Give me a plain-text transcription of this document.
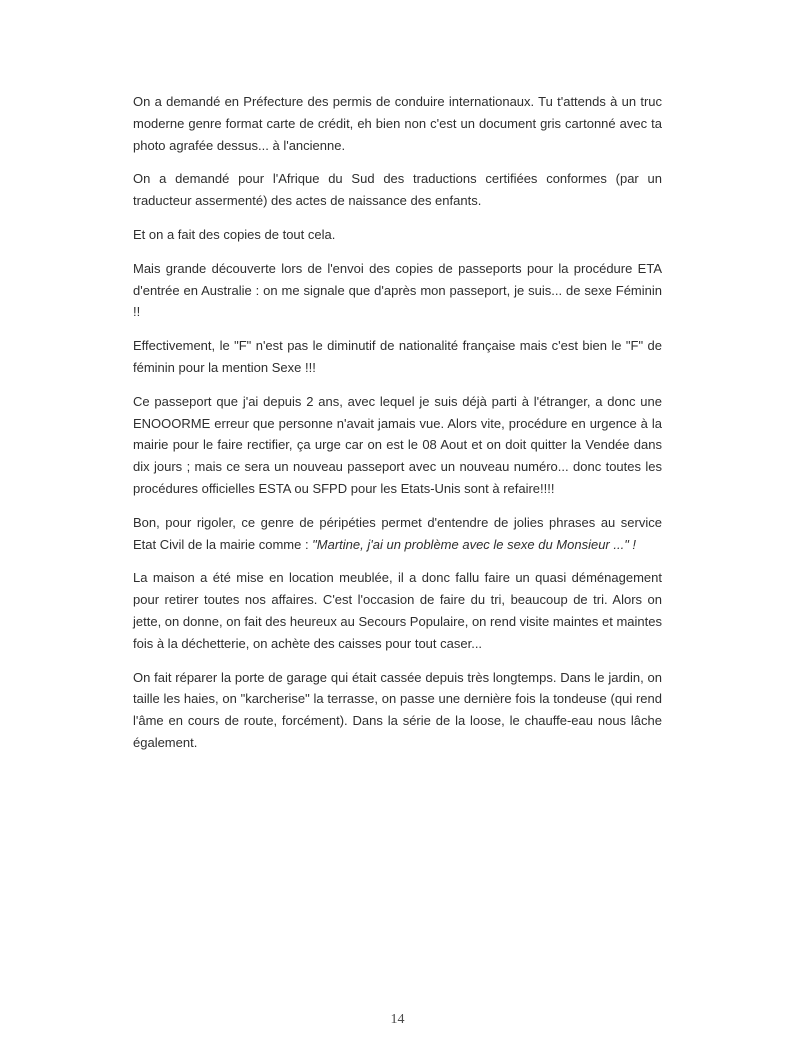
On a demandé en Préfecture des permis de conduire internationaux. Tu t'attends à un truc moderne genre format carte de crédit, eh bien non c'est un document gris cartonné avec ta photo agrafée dessus... à l'ancienne.

On a demandé pour l'Afrique du Sud des traductions certifiées conformes (par un traducteur assermenté) des actes de naissance des enfants.

Et on a fait des copies de tout cela.

Mais grande découverte lors de l'envoi des copies de passeports pour la procédure ETA d'entrée en Australie : on me signale que d'après mon passeport, je suis... de sexe Féminin !!

Effectivement, le "F" n'est pas le diminutif de nationalité française mais c'est bien le "F" de féminin pour la mention Sexe !!!

Ce passeport que j'ai depuis 2 ans, avec lequel je suis déjà parti à l'étranger, a donc une ENOOORME erreur que personne n'avait jamais vue. Alors vite, procédure en urgence à la mairie pour le faire rectifier, ça urge car on est le 08 Aout et on doit quitter la Vendée dans dix jours ; mais ce sera un nouveau passeport avec un nouveau numéro... donc toutes les procédures officielles ESTA ou SFPD pour les Etats-Unis sont à refaire!!!!

Bon, pour rigoler, ce genre de péripéties permet d'entendre de jolies phrases au service Etat Civil de la mairie comme : "Martine, j'ai un problème avec le sexe du Monsieur ..." !

La maison a été mise en location meublée, il a donc fallu faire un quasi déménagement pour retirer toutes nos affaires. C'est l'occasion de faire du tri, beaucoup de tri. Alors on jette, on donne, on fait des heureux au Secours Populaire, on rend visite maintes et maintes fois à la déchetterie, on achète des caisses pour tout caser...

On fait réparer la porte de garage qui était cassée depuis très longtemps. Dans le jardin, on taille les haies, on "karcherise" la terrasse, on passe une dernière fois la tondeuse (qui rend l'âme en cours de route, forcément). Dans la série de la loose, le chauffe-eau nous lâche également.

14
